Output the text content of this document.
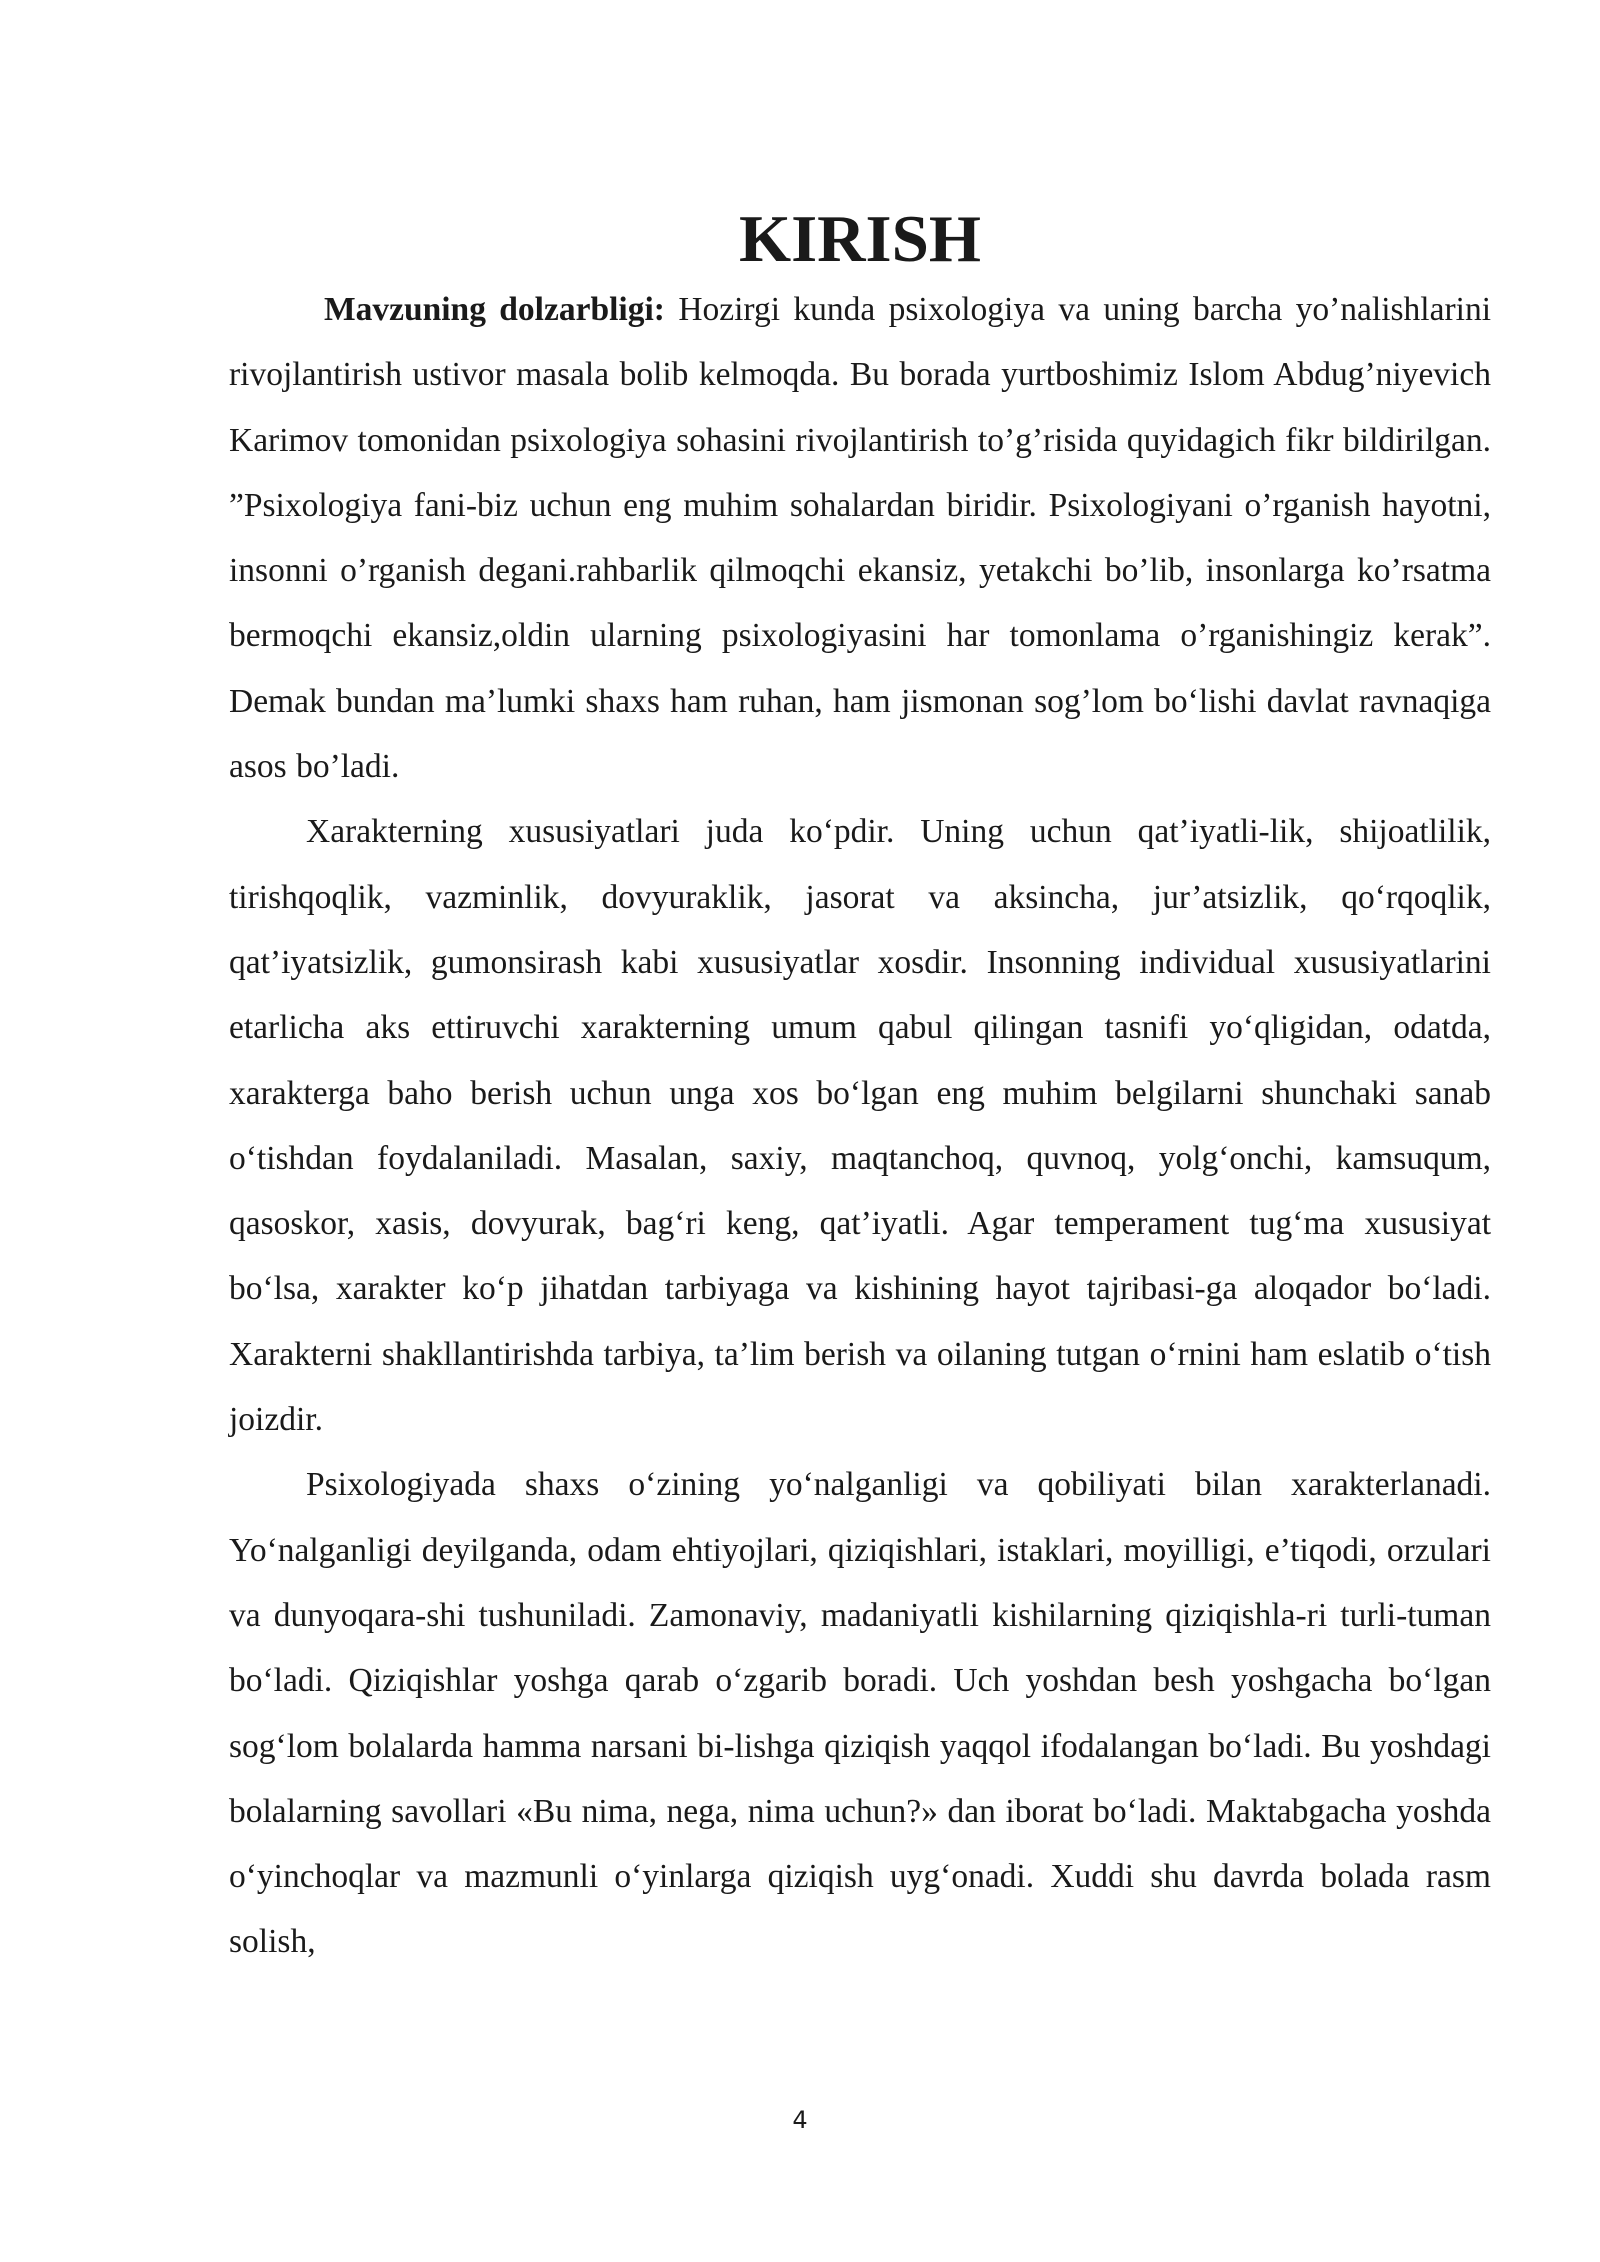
KIRISH

Mavzuning dolzarbligi: Hozirgi kunda psixologiya va uning barcha yo’nalishlarini rivojlantirish ustivor masala bolib kelmoqda. Bu borada yurtboshimiz Islom Abdug’niyevich Karimov tomonidan psixologiya sohasini rivojlantirish to’g’risida quyidagich fikr bildirilgan. ”Psixologiya fani-biz uchun eng muhim sohalardan biridir. Psixologiyani o’rganish hayotni, insonni o’rganish degani.rahbarlik qilmoqchi ekansiz, yetakchi bo’lib, insonlarga ko’rsatma bermoqchi ekansiz,oldin ularning psixologiyasini har tomonlama o’rganishingiz kerak”. Demak bundan ma’lumki shaxs ham ruhan, ham jismonan sog’lom bo‘lishi davlat ravnaqiga asos bo’ladi.

Xarakterning xususiyatlari juda ko‘pdir. Uning uchun qat’iyatli-lik, shijoatlilik, tirishqoqlik, vazminlik, dovyuraklik, jasorat va aksincha, jur’atsizlik, qo‘rqoqlik, qat’iyatsizlik, gumonsirash kabi xususiyatlar xosdir. Insonning individual xususiyatlarini etarlicha aks ettiruvchi xarakterning umum qabul qilingan tasnifi yo‘qligidan, odatda, xarakterga baho berish uchun unga xos bo‘lgan eng muhim belgilarni shunchaki sanab o‘tishdan foydalaniladi. Masalan, saxiy, maqtanchoq, quvnoq, yolg‘onchi, kamsuqum, qasoskor, xasis, dovyurak, bag‘ri keng, qat’iyatli. Agar temperament tug‘ma xususiyat bo‘lsa, xarakter ko‘p jihatdan tarbiyaga va kishining hayot tajribasi-ga aloqador bo‘ladi. Xarakterni shakllantirishda tarbiya, ta’lim berish va oilaning tutgan o‘rnini ham eslatib o‘tish joizdir.

Psixologiyada shaxs o‘zining yo‘nalganligi va qobiliyati bilan xarakterlanadi. Yo‘nalganligi deyilganda, odam ehtiyojlari, qiziqishlari, istaklari, moyilligi, e’tiqodi, orzulari va dunyoqara-shi tushuniladi. Zamonaviy, madaniyatli kishilarning qiziqishla-ri turli-tuman bo‘ladi. Qiziqishlar yoshga qarab o‘zgarib boradi. Uch yoshdan besh yoshgacha bo‘lgan sog‘lom bolalarda hamma narsani bi-lishga qiziqish yaqqol ifodalangan bo‘ladi. Bu yoshdagi bolalarning savollari «Bu nima, nega, nima uchun?» dan iborat bo‘ladi. Maktabgacha yoshda o‘yinchoqlar va mazmunli o‘yinlarga qiziqish uyg‘onadi. Xuddi shu davrda bolada rasm solish,

4
